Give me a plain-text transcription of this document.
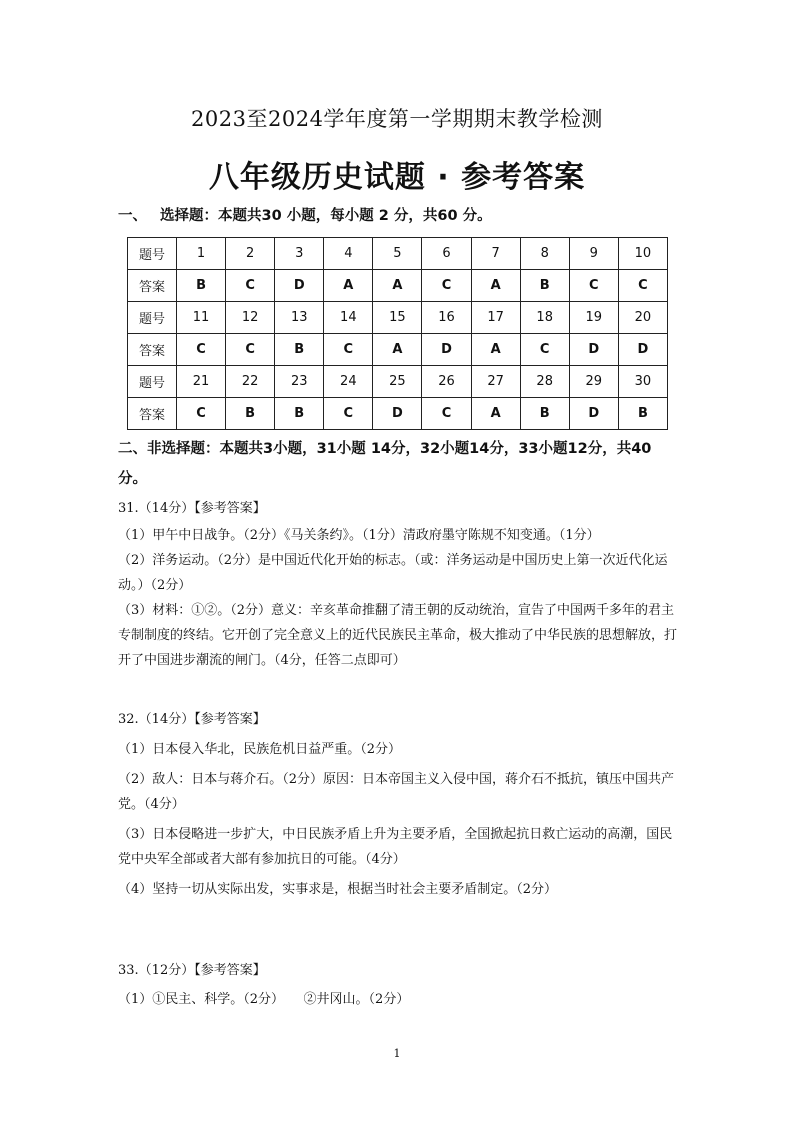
2023至2024学年度第一学期期末教学检测
八年级历史试题 · 参考答案
一、 选择题：本题共30 小题，每小题 2 分，共60 分。
题号	1	2	3	4	5	6	7	8	9	10
答案	B	C	D	A	A	C	A	B	C	C
题号	11	12	13	14	15	16	17	18	19	20
答案	C	C	B	C	A	D	A	C	D	D
题号	21	22	23	24	25	26	27	28	29	30
答案	C	B	B	C	D	C	A	B	D	B
二、非选择题：本题共3小题，31小题 14分，32小题14分，33小题12分，共40分。
31.（14分）【参考答案】
（1）甲午中日战争。（2分）《马关条约》。（1分）清政府墨守陈规不知变通。（1分）
（2）洋务运动。（2分）是中国近代化开始的标志。（或：洋务运动是中国历史上第一次近代化运动。）（2分）
（3）材料：①②。（2分）意义：辛亥革命推翻了清王朝的反动统治，宣告了中国两千多年的君主专制制度的终结。它开创了完全意义上的近代民族民主革命，极大推动了中华民族的思想解放，打开了中国进步潮流的闸门。（4分，任答二点即可）
32.（14分）【参考答案】
（1）日本侵入华北，民族危机日益严重。（2分）
（2）敌人：日本与蒋介石。（2分）原因：日本帝国主义入侵中国，蒋介石不抵抗，镇压中国共产党。（4分）
（3）日本侵略进一步扩大，中日民族矛盾上升为主要矛盾，全国掀起抗日救亡运动的高潮，国民党中央军全部或者大部有参加抗日的可能。（4分）
（4）坚持一切从实际出发，实事求是，根据当时社会主要矛盾制定。（2分）
33.（12分）【参考答案】
（1）①民主、科学。（2分）　　②井冈山。（2分）
1
